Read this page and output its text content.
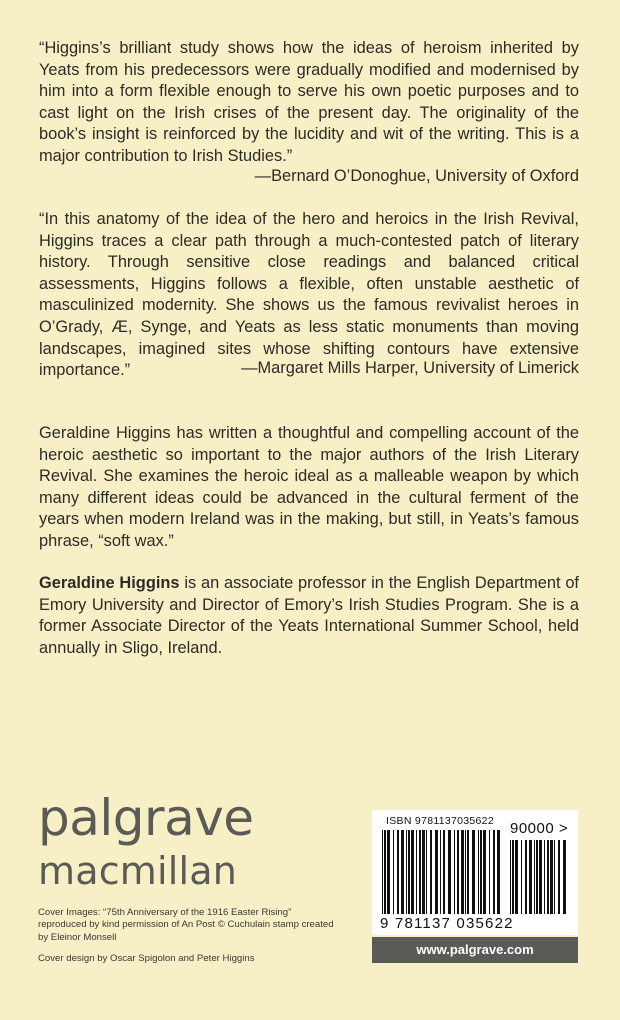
“Higgins’s brilliant study shows how the ideas of heroism inherited by Yeats from his predecessors were gradually modified and modernised by him into a form flexible enough to serve his own poetic purposes and to cast light on the Irish crises of the present day. The originality of the book’s insight is reinforced by the lucidity and wit of the writing. This is a major contribution to Irish Studies.”

—Bernard O’Donoghue, University of Oxford

“In this anatomy of the idea of the hero and heroics in the Irish Revival, Higgins traces a clear path through a much-contested patch of literary history. Through sensitive close readings and balanced critical assessments, Higgins follows a flexible, often unstable aesthetic of masculinized modernity. She shows us the famous revivalist heroes in O’Grady, Æ, Synge, and Yeats as less static monuments than moving landscapes, imagined sites whose shifting contours have extensive importance.”	—Margaret Mills Harper, University of Limerick

Geraldine Higgins has written a thoughtful and compelling account of the heroic aesthetic so important to the major authors of the Irish Literary Revival. She examines the heroic ideal as a malleable weapon by which many different ideas could be advanced in the cultural ferment of the years when modern Ireland was in the making, but still, in Yeats’s famous phrase, “soft wax.”

Geraldine Higgins is an associate professor in the English Department of Emory University and Director of Emory’s Irish Studies Program. She is a former Associate Director of the Yeats International Summer School, held annually in Sligo, Ireland.

palgrave
macmillan
Cover Images: “75th Anniversary of the 1916 Easter Rising” reproduced by kind permission of An Post © Cuchulain stamp created by Eleinor Monsell
Cover design by Oscar Spigolon and Peter Higgins
ISBN 9781137035622 90000 >
9 781137 035622
www.palgrave.com
